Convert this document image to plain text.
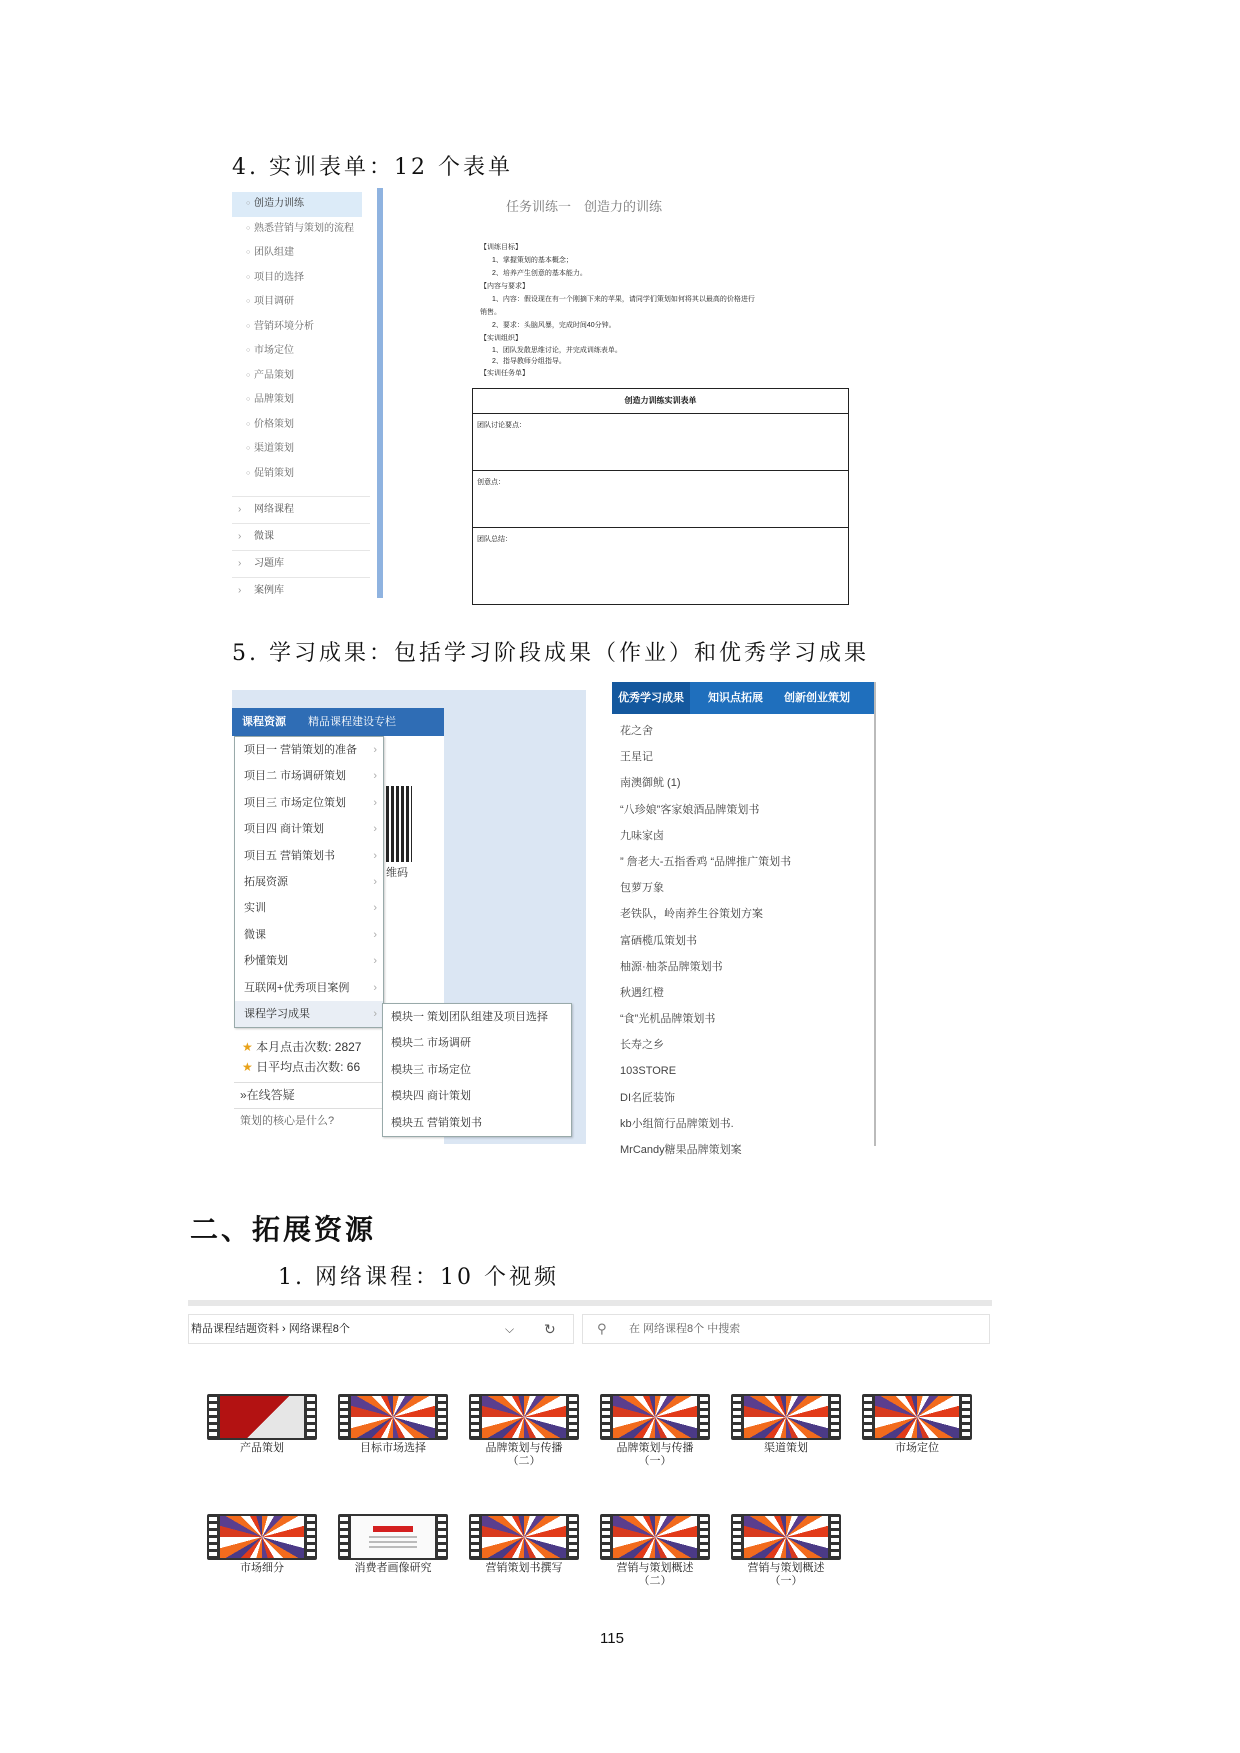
4. 实训表单：12 个表单
○ 创造力训练
○ 熟悉营销与策划的流程
○ 团队组建
○ 项目的选择
○ 项目调研
○ 营销环境分析
○ 市场定位
○ 产品策划
○ 品牌策划
○ 价格策划
○ 渠道策划
○ 促销策划
› 网络课程
› 微课
› 习题库
› 案例库
任务训练一　创造力的训练
【训练目标】
1、掌握策划的基本概念；
2、培养产生创意的基本能力。
【内容与要求】
1、内容：假设现在有一个刚摘下来的苹果，请同学们策划如何将其以最高的价格进行
销售。
2、要求：头脑风暴，完成时间40分钟。
【实训组织】
1、团队发散思维讨论，并完成训练表单。
2、指导教师分组指导。
【实训任务单】
创造力训练实训表单
团队讨论要点：
创意点：
团队总结：
5. 学习成果：包括学习阶段成果（作业）和优秀学习成果
课程资源 精品课程建设专栏
维码
★ 本月点击次数: 2827
★ 日平均点击次数: 66
»在线答疑
策划的核心是什么?
项目一 营销策划的准备 ›
项目二 市场调研策划 ›
项目三 市场定位策划 ›
项目四 商计策划 ›
项目五 营销策划书 ›
拓展资源 ›
实训 ›
微课 ›
秒懂策划 ›
互联网+优秀项目案例 ›
课程学习成果 ›	模块一 策划团队组建及项目选择
模块二 市场调研
模块三 市场定位
模块四 商计策划
模块五 营销策划书
优秀学习成果	知识点拓展 创新创业策划
花之舍
王星记
南澳御鱿 (1)
“八珍娘”客家娘酒品牌策划书
九味家卤
” 詹老大-五指香鸡 “品牌推广策划书
包萝万象
老铁队，岭南养生谷策划方案
富硒榄瓜策划书
柚源·柚茶品牌策划书
秋遇红橙
“食”光机品牌策划书
长寿之乡
103STORE
DI名匠装饰
kb小组简行品牌策划书.
MrCandy糖果品牌策划案
二、拓展资源
1. 网络课程：10 个视频
精品课程结题资料 › 网络课程8个	⌵ ↻	⚲ 在 网络课程8个 中搜索
产品策划	目标市场选择	品牌策划与传播
（二）
品牌策划与传播
（一）
渠道策划	市场定位
市场细分	消费者画像研究	营销策划书撰写	营销与策划概述
（二）
营销与策划概述
（一）
115
